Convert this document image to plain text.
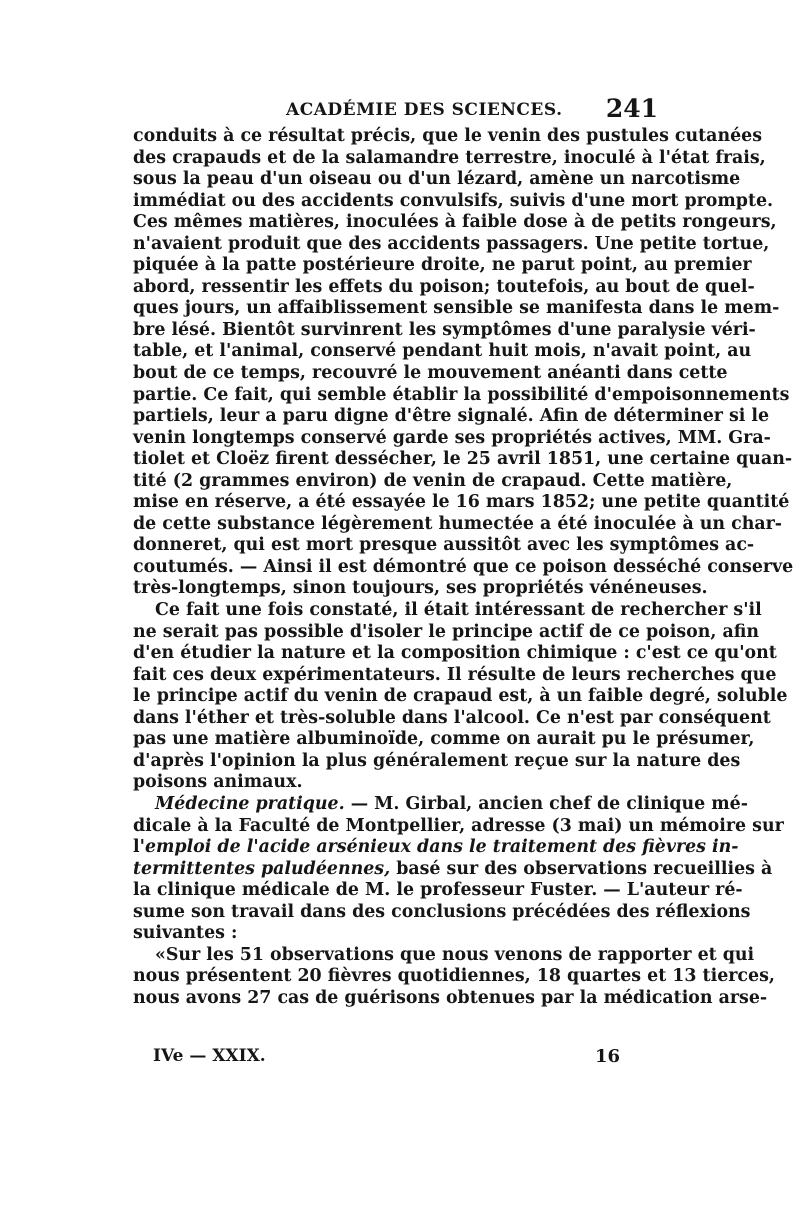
ACADÉMIE DES SCIENCES. 241
conduits à ce résultat précis, que le venin des pustules cutanées
des crapauds et de la salamandre terrestre, inoculé à l'état frais,
sous la peau d'un oiseau ou d'un lézard, amène un narcotisme
immédiat ou des accidents convulsifs, suivis d'une mort prompte.
Ces mêmes matières, inoculées à faible dose à de petits rongeurs,
n'avaient produit que des accidents passagers. Une petite tortue,
piquée à la patte postérieure droite, ne parut point, au premier
abord, ressentir les effets du poison; toutefois, au bout de quel-
ques jours, un affaiblissement sensible se manifesta dans le mem-
bre lésé. Bientôt survinrent les symptômes d'une paralysie véri-
table, et l'animal, conservé pendant huit mois, n'avait point, au
bout de ce temps, recouvré le mouvement anéanti dans cette
partie. Ce fait, qui semble établir la possibilité d'empoisonnements
partiels, leur a paru digne d'être signalé. Afin de déterminer si le
venin longtemps conservé garde ses propriétés actives, MM. Gra-
tiolet et Cloëz firent dessécher, le 25 avril 1851, une certaine quan-
tité (2 grammes environ) de venin de crapaud. Cette matière,
mise en réserve, a été essayée le 16 mars 1852; une petite quantité
de cette substance légèrement humectée a été inoculée à un char-
donneret, qui est mort presque aussitôt avec les symptômes ac-
coutumés. — Ainsi il est démontré que ce poison desséché conserve
très-longtemps, sinon toujours, ses propriétés vénéneuses.
Ce fait une fois constaté, il était intéressant de rechercher s'il
ne serait pas possible d'isoler le principe actif de ce poison, afin
d'en étudier la nature et la composition chimique : c'est ce qu'ont
fait ces deux expérimentateurs. Il résulte de leurs recherches que
le principe actif du venin de crapaud est, à un faible degré, soluble
dans l'éther et très-soluble dans l'alcool. Ce n'est par conséquent
pas une matière albuminoïde, comme on aurait pu le présumer,
d'après l'opinion la plus généralement reçue sur la nature des
poisons animaux.
Médecine pratique. — M. Girbal, ancien chef de clinique mé-
dicale à la Faculté de Montpellier, adresse (3 mai) un mémoire sur
l'emploi de l'acide arsénieux dans le traitement des fièvres in-
termittentes paludéennes, basé sur des observations recueillies à
la clinique médicale de M. le professeur Fuster. — L'auteur ré-
sume son travail dans des conclusions précédées des réflexions
suivantes :
«Sur les 51 observations que nous venons de rapporter et qui
nous présentent 20 fièvres quotidiennes, 18 quartes et 13 tierces,
nous avons 27 cas de guérisons obtenues par la médication arse-
IVe — XXIX.	16
